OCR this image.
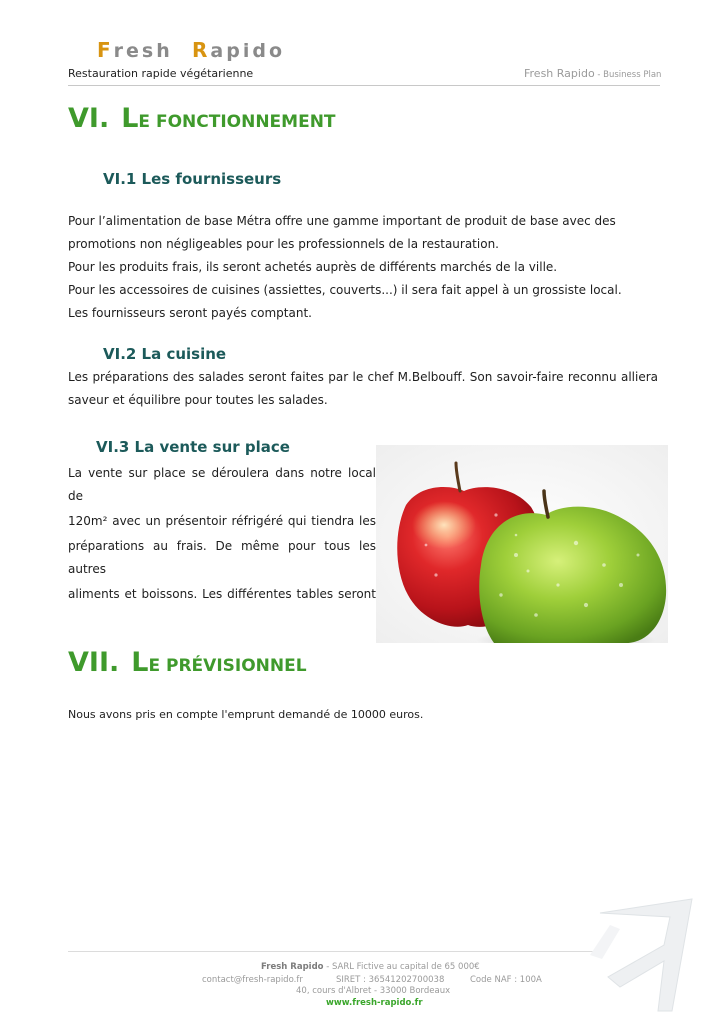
Fresh Rapido
Restauration rapide végétarienne	Fresh Rapido - Business Plan
VI. LE FONCTIONNEMENT
VI.1 Les fournisseurs
Pour l’alimentation de base Métra offre une gamme important de produit de base avec des
promotions non négligeables pour les professionnels de la restauration.
Pour les produits frais, ils seront achetés auprès de différents marchés de la ville.
Pour les accessoires de cuisines (assiettes, couverts...) il sera fait appel à un grossiste local.
Les fournisseurs seront payés comptant.
VI.2 La cuisine
Les préparations des salades seront faites par le chef M.Belbouff. Son savoir-faire reconnu alliera
saveur et équilibre pour toutes les salades.
VI.3 La vente sur place
La vente sur place se déroulera dans notre local de
120m² avec un présentoir réfrigéré qui tiendra les
préparations au frais. De même pour tous les autres
aliments et boissons. Les différentes tables seront
VII. LE PRÉVISIONNEL
Nous avons pris en compte l'emprunt demandé de 10000 euros.
Fresh Rapido - SARL Fictive au capital de 65 000€
contact@fresh-rapido.fr	SIRET : 36541202700038	Code NAF : 100A
40, cours d'Albret - 33000 Bordeaux
www.fresh-rapido.fr
